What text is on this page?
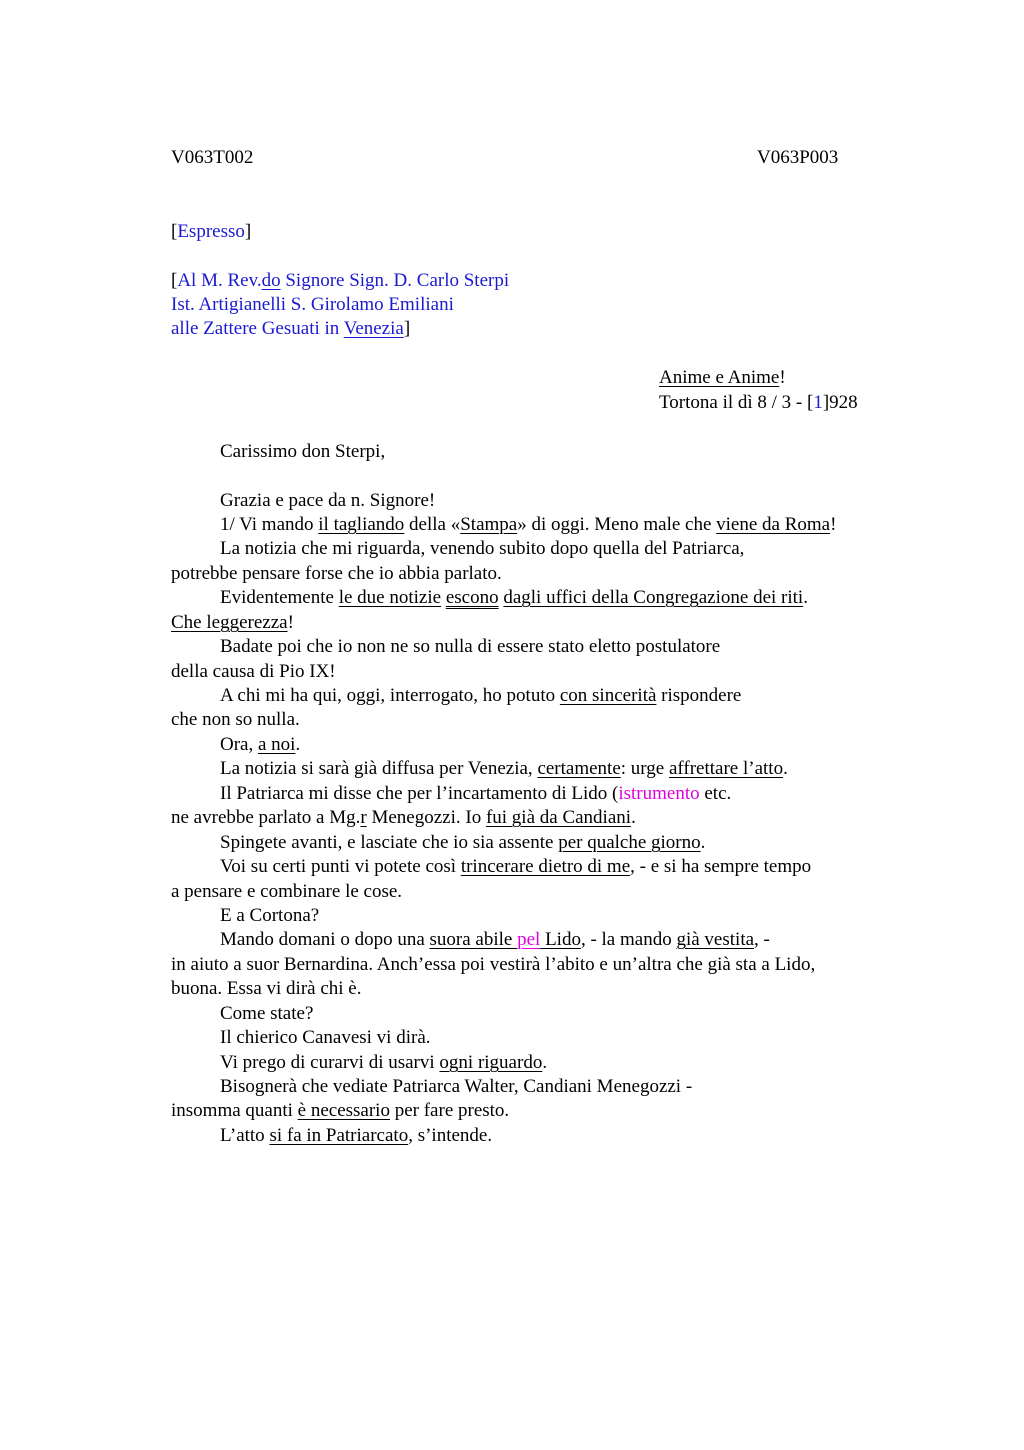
V063T002	V063P003
[Espresso]
[Al M. Rev.do Signore Sign. D. Carlo Sterpi
Ist. Artigianelli S. Girolamo Emiliani
alle Zattere Gesuati in Venezia]
Anime e Anime!
Tortona il dì 8 / 3 - [1]928
Carissimo don Sterpi,
Grazia e pace da n. Signore!
1/ Vi mando il tagliando della «Stampa» di oggi. Meno male che viene da Roma!
La notizia che mi riguarda, venendo subito dopo quella del Patriarca,
potrebbe pensare forse che io abbia parlato.
Evidentemente le due notizie escono dagli uffici della Congregazione dei riti.
Che leggerezza!
Badate poi che io non ne so nulla di essere stato eletto postulatore
della causa di Pio IX!
A chi mi ha qui, oggi, interrogato, ho potuto con sincerità rispondere
che non so nulla.
Ora, a noi.
La notizia si sarà già diffusa per Venezia, certamente: urge affrettare l’atto.
Il Patriarca mi disse che per l’incartamento di Lido (istrumento etc.
ne avrebbe parlato a Mg.r Menegozzi. Io fui già da Candiani.
Spingete avanti, e lasciate che io sia assente per qualche giorno.
Voi su certi punti vi potete così trincerare dietro di me, - e si ha sempre tempo
a pensare e combinare le cose.
E a Cortona?
Mando domani o dopo una suora abile pel Lido, - la mando già vestita, -
in aiuto a suor Bernardina. Anch’essa poi vestirà l’abito e un’altra che già sta a Lido,
buona. Essa vi dirà chi è.
Come state?
Il chierico Canavesi vi dirà.
Vi prego di curarvi di usarvi ogni riguardo.
Bisognerà che vediate Patriarca Walter, Candiani Menegozzi -
insomma quanti è necessario per fare presto.
L’atto si fa in Patriarcato, s’intende.
